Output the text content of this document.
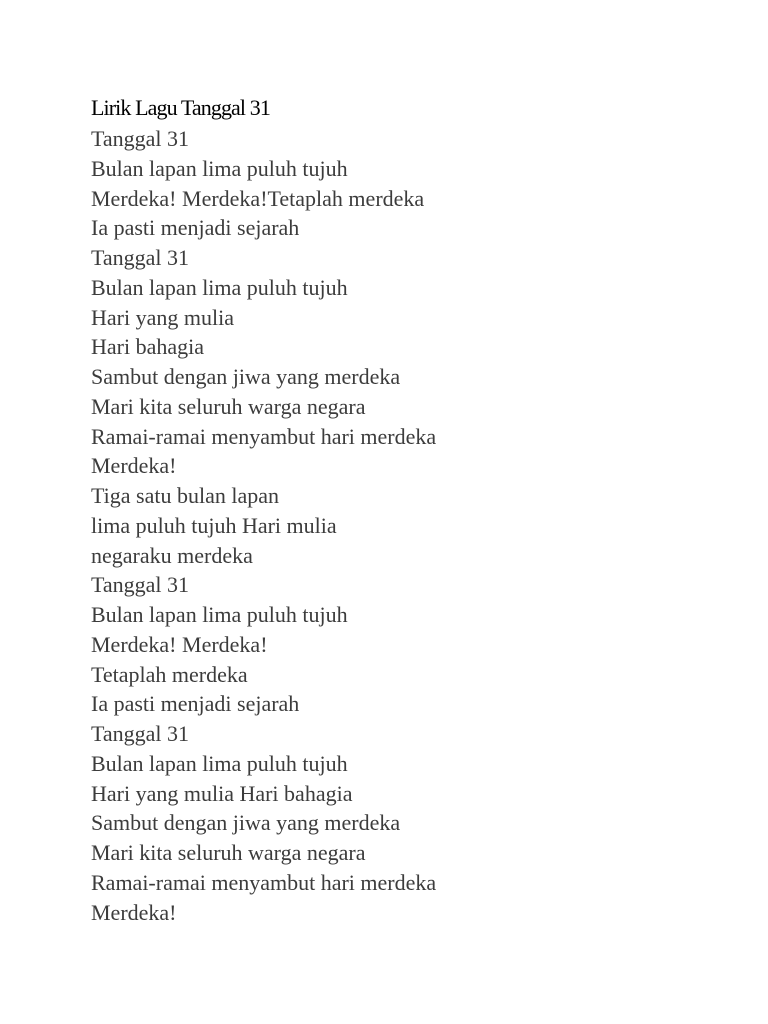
Lirik Lagu Tanggal 31
Tanggal 31
Bulan lapan lima puluh tujuh
Merdeka! Merdeka!Tetaplah merdeka
Ia pasti menjadi sejarah
Tanggal 31
Bulan lapan lima puluh tujuh
Hari yang mulia
Hari bahagia
Sambut dengan jiwa yang merdeka
Mari kita seluruh warga negara
Ramai-ramai menyambut hari merdeka
Merdeka!
Tiga satu bulan lapan
lima puluh tujuh Hari mulia
negaraku merdeka
Tanggal 31
Bulan lapan lima puluh tujuh
Merdeka! Merdeka!
Tetaplah merdeka
Ia pasti menjadi sejarah
Tanggal 31
Bulan lapan lima puluh tujuh
Hari yang mulia Hari bahagia
Sambut dengan jiwa yang merdeka
Mari kita seluruh warga negara
Ramai-ramai menyambut hari merdeka
Merdeka!
